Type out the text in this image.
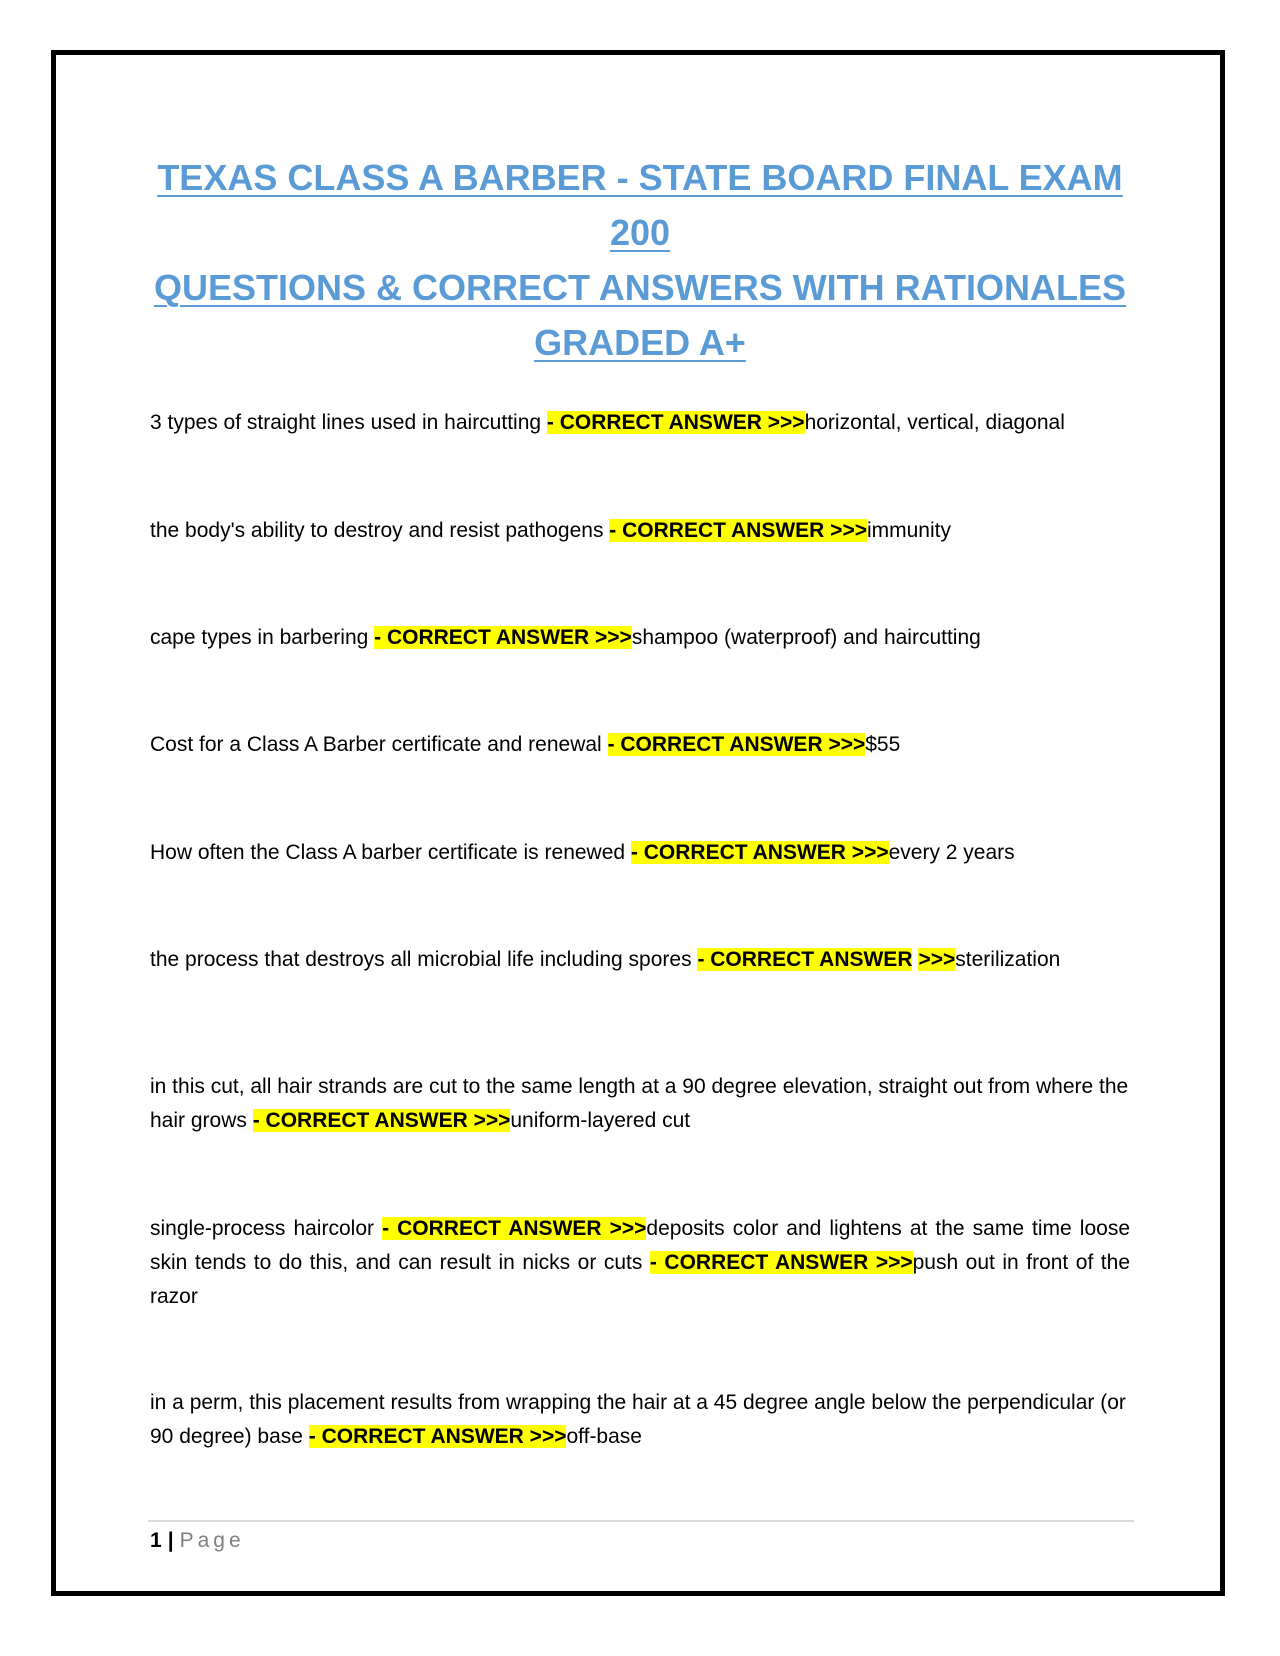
TEXAS CLASS A BARBER - STATE BOARD FINAL EXAM 200
QUESTIONS & CORRECT ANSWERS WITH RATIONALES
GRADED A+

3 types of straight lines used in haircutting - CORRECT ANSWER >>>horizontal, vertical, diagonal

the body's ability to destroy and resist pathogens - CORRECT ANSWER >>>immunity

cape types in barbering - CORRECT ANSWER >>>shampoo (waterproof) and haircutting

Cost for a Class A Barber certificate and renewal - CORRECT ANSWER >>>$55

How often the Class A barber certificate is renewed - CORRECT ANSWER >>>every 2 years

the process that destroys all microbial life including spores - CORRECT ANSWER >>>sterilization

in this cut, all hair strands are cut to the same length at a 90 degree elevation, straight out from where the hair grows - CORRECT ANSWER >>>uniform-layered cut

single-process haircolor - CORRECT ANSWER >>>deposits color and lightens at the same time loose skin tends to do this, and can result in nicks or cuts - CORRECT ANSWER >>>push out in front of the razor

in a perm, this placement results from wrapping the hair at a 45 degree angle below the perpendicular (or 90 degree) base - CORRECT ANSWER >>>off-base

1 | Page
